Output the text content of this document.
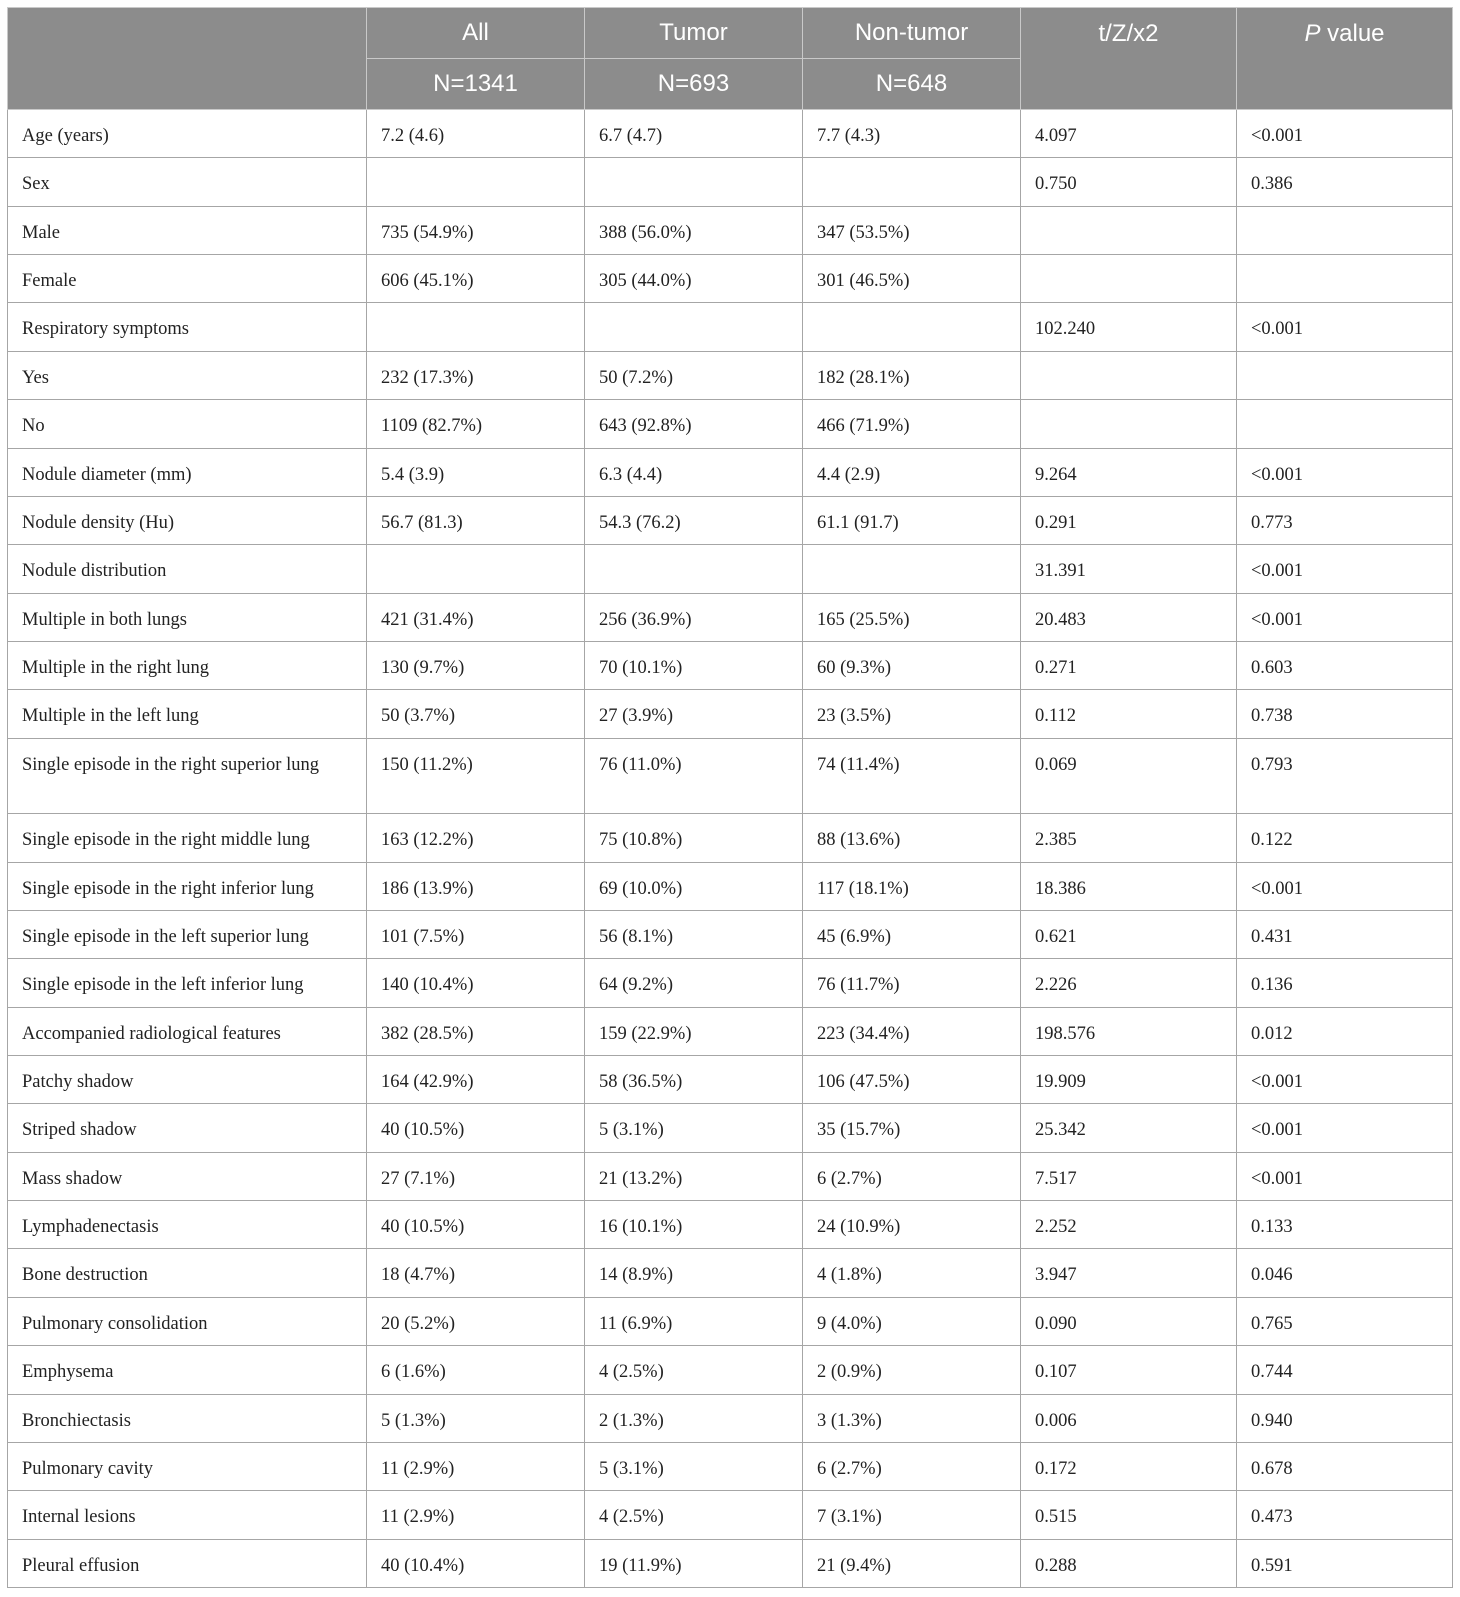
	All	Tumor	Non-tumor	t/Z/x2	P value
	N=1341	N=693	N=648		
Age (years)	7.2 (4.6)	6.7 (4.7)	7.7 (4.3)	4.097	<0.001
Sex				0.750	0.386
Male	735 (54.9%)	388 (56.0%)	347 (53.5%)		
Female	606 (45.1%)	305 (44.0%)	301 (46.5%)		
Respiratory symptoms				102.240	<0.001
Yes	232 (17.3%)	50 (7.2%)	182 (28.1%)		
No	1109 (82.7%)	643 (92.8%)	466 (71.9%)		
Nodule diameter (mm)	5.4 (3.9)	6.3 (4.4)	4.4 (2.9)	9.264	<0.001
Nodule density (Hu)	56.7 (81.3)	54.3 (76.2)	61.1 (91.7)	0.291	0.773
Nodule distribution				31.391	<0.001
Multiple in both lungs	421 (31.4%)	256 (36.9%)	165 (25.5%)	20.483	<0.001
Multiple in the right lung	130 (9.7%)	70 (10.1%)	60 (9.3%)	0.271	0.603
Multiple in the left lung	50 (3.7%)	27 (3.9%)	23 (3.5%)	0.112	0.738
Single episode in the right superior lung	150 (11.2%)	76 (11.0%)	74 (11.4%)	0.069	0.793
Single episode in the right middle lung	163 (12.2%)	75 (10.8%)	88 (13.6%)	2.385	0.122
Single episode in the right inferior lung	186 (13.9%)	69 (10.0%)	117 (18.1%)	18.386	<0.001
Single episode in the left superior lung	101 (7.5%)	56 (8.1%)	45 (6.9%)	0.621	0.431
Single episode in the left inferior lung	140 (10.4%)	64 (9.2%)	76 (11.7%)	2.226	0.136
Accompanied radiological features	382 (28.5%)	159 (22.9%)	223 (34.4%)	198.576	0.012
Patchy shadow	164 (42.9%)	58 (36.5%)	106 (47.5%)	19.909	<0.001
Striped shadow	40 (10.5%)	5 (3.1%)	35 (15.7%)	25.342	<0.001
Mass shadow	27 (7.1%)	21 (13.2%)	6 (2.7%)	7.517	<0.001
Lymphadenectasis	40 (10.5%)	16 (10.1%)	24 (10.9%)	2.252	0.133
Bone destruction	18 (4.7%)	14 (8.9%)	4 (1.8%)	3.947	0.046
Pulmonary consolidation	20 (5.2%)	11 (6.9%)	9 (4.0%)	0.090	0.765
Emphysema	6 (1.6%)	4 (2.5%)	2 (0.9%)	0.107	0.744
Bronchiectasis	5 (1.3%)	2 (1.3%)	3 (1.3%)	0.006	0.940
Pulmonary cavity	11 (2.9%)	5 (3.1%)	6 (2.7%)	0.172	0.678
Internal lesions	11 (2.9%)	4 (2.5%)	7 (3.1%)	0.515	0.473
Pleural effusion	40 (10.4%)	19 (11.9%)	21 (9.4%)	0.288	0.591
